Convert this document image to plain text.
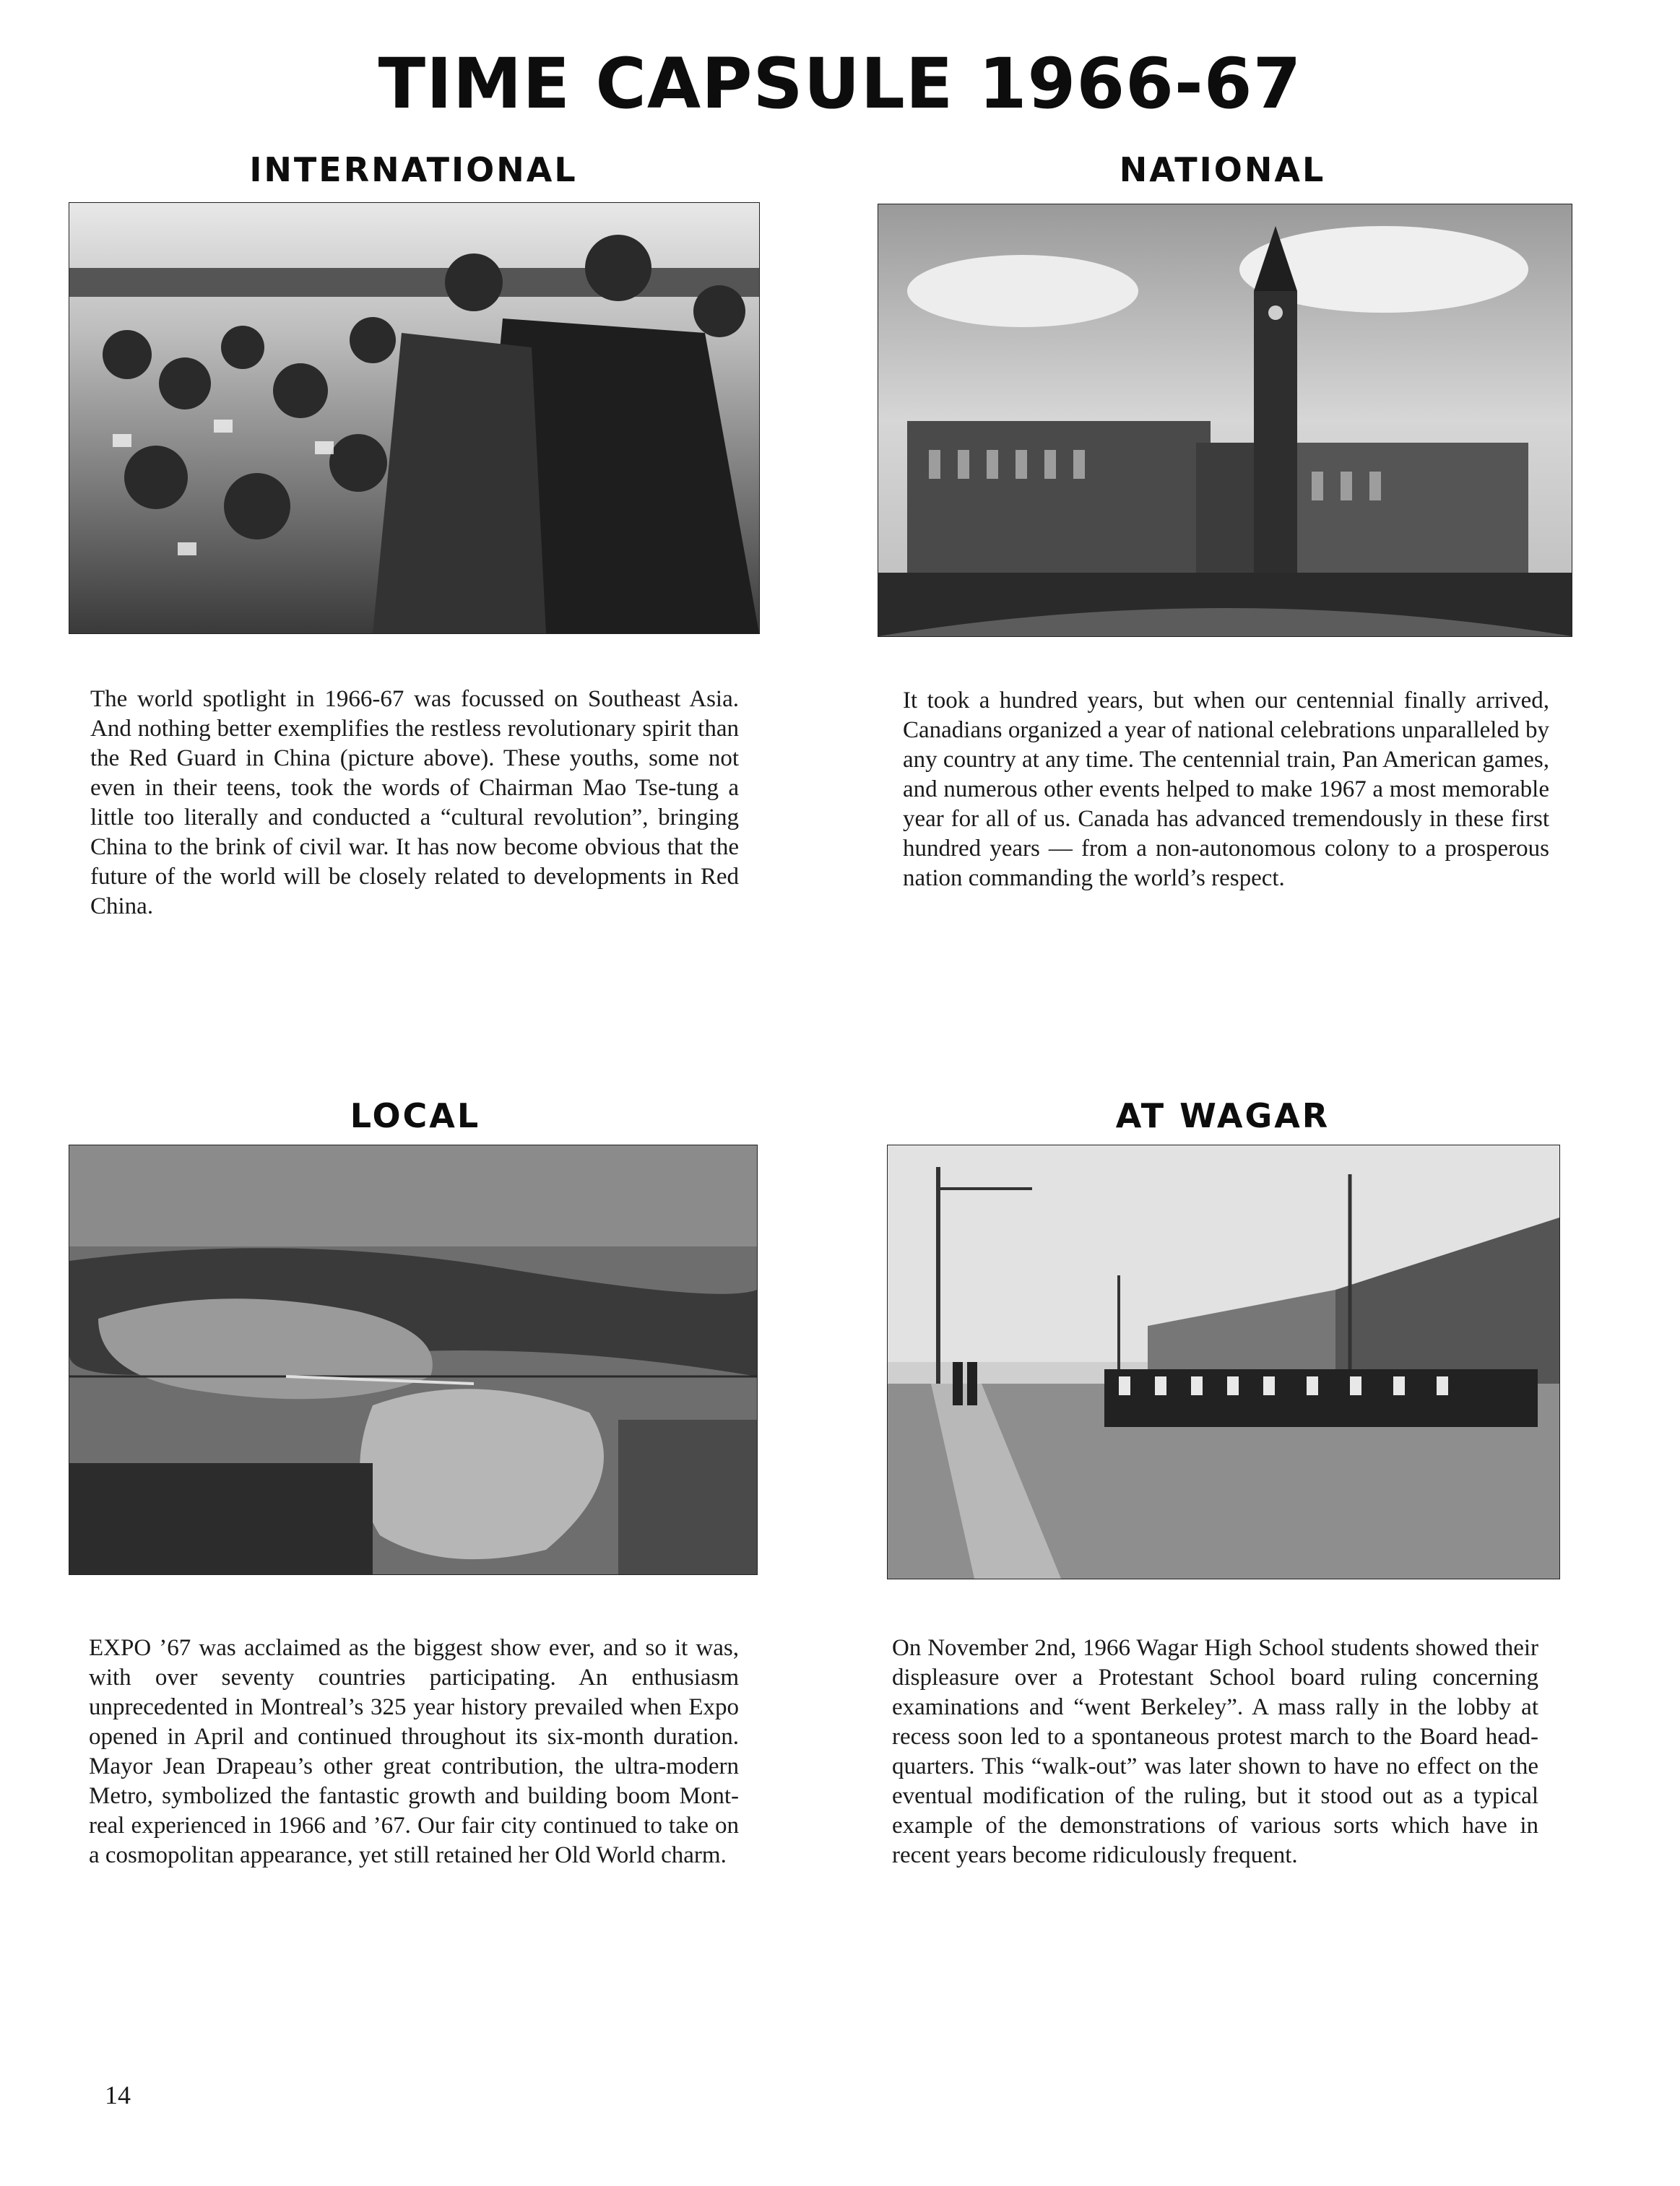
TIME CAPSULE 1966-67
INTERNATIONAL
The world spotlight in 1966-67 was focussed on Southeast Asia. And nothing better exemplifies the restless revolutionary spirit than the Red Guard in China (picture above). These youths, some not even in their teens, took the words of Chairman Mao Tse-tung a little too literally and conducted a “cultural revolution”, bringing China to the brink of civil war. It has now become obvious that the future of the world will be closely related to developments in Red China.
NATIONAL
It took a hundred years, but when our centennial finally arrived, Canadians organized a year of national celebrations unparalleled by any country at any time. The centennial train, Pan American games, and numerous other events helped to make 1967 a most memorable year for all of us. Canada has advanced tremendously in these first hundred years — from a non-autonomous colony to a prosperous nation commanding the world’s respect.
LOCAL
EXPO ’67 was acclaimed as the biggest show ever, and so it was, with over seventy countries participating. An enthusiasm unprecedented in Montreal’s 325 year history prevailed when Expo opened in April and continued throughout its six-month duration. Mayor Jean Drapeau’s other great contribution, the ultra-modern Metro, symbolized the fantastic growth and building boom Montreal experienced in 1966 and ’67. Our fair city continued to take on a cosmopolitan appearance, yet still retained her Old World charm.
AT WAGAR
On November 2nd, 1966 Wagar High School students showed their displeasure over a Protestant School board ruling concerning examinations and “went Berkeley”. A mass rally in the lobby at recess soon led to a spontaneous protest march to the Board headquarters. This “walk-out” was later shown to have no effect on the eventual modification of the ruling, but it stood out as a typical example of the demonstrations of various sorts which have in recent years become ridiculously frequent.
14
